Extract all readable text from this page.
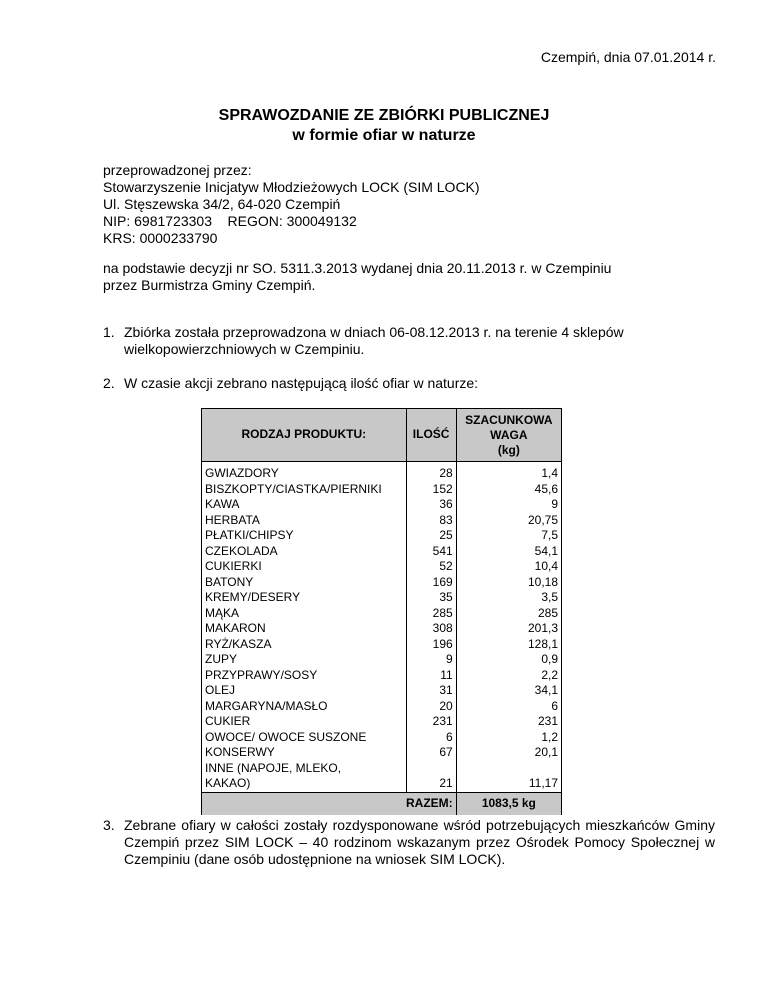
Czempiń, dnia 07.01.2014 r.
SPRAWOZDANIE ZE ZBIÓRKI PUBLICZNEJ
w formie ofiar w naturze
przeprowadzonej przez:
Stowarzyszenie Inicjatyw Młodzieżowych LOCK (SIM LOCK)
Ul. Stęszewska 34/2, 64-020 Czempiń
NIP: 6981723303    REGON: 300049132
KRS: 0000233790
na podstawie decyzji nr SO. 5311.3.2013 wydanej dnia 20.11.2013 r. w Czempiniu
przez Burmistrza Gminy Czempiń.
1. Zbiórka została przeprowadzona w dniach 06-08.12.2013 r. na terenie 4 sklepów wielkopowierzchniowych w Czempiniu.
2. W czasie akcji zebrano następującą ilość ofiar w naturze:
RODZAJ PRODUKTU:	ILOŚĆ	SZACUNKOWA
WAGA
(kg)

GWIAZDORY	28	1,4
BISZKOPTY/CIASTKA/PIERNIKI	152	45,6
KAWA	36	9
HERBATA	83	20,75
PŁATKI/CHIPSY	25	7,5
CZEKOLADA	541	54,1
CUKIERKI	52	10,4
BATONY	169	10,18
KREMY/DESERY	35	3,5
MĄKA	285	285
MAKARON	308	201,3
RYŻ/KASZA	196	128,1
ZUPY	9	0,9
PRZYPRAWY/SOSY	11	2,2
OLEJ	31	34,1
MARGARYNA/MASŁO	20	6
CUKIER	231	231
OWOCE/ OWOCE SUSZONE	6	1,2
KONSERWY	67	20,1

INNE (NAPOJE, MLEKO,
KAKAO)	21	11,17
RAZEM:		1083,5 kg
3. Zebrane ofiary w całości zostały rozdysponowane wśród potrzebujących mieszkańców Gminy Czempiń przez SIM LOCK – 40 rodzinom wskazanym przez Ośrodek Pomocy Społecznej w Czempiniu (dane osób udostępnione na wniosek SIM LOCK).
